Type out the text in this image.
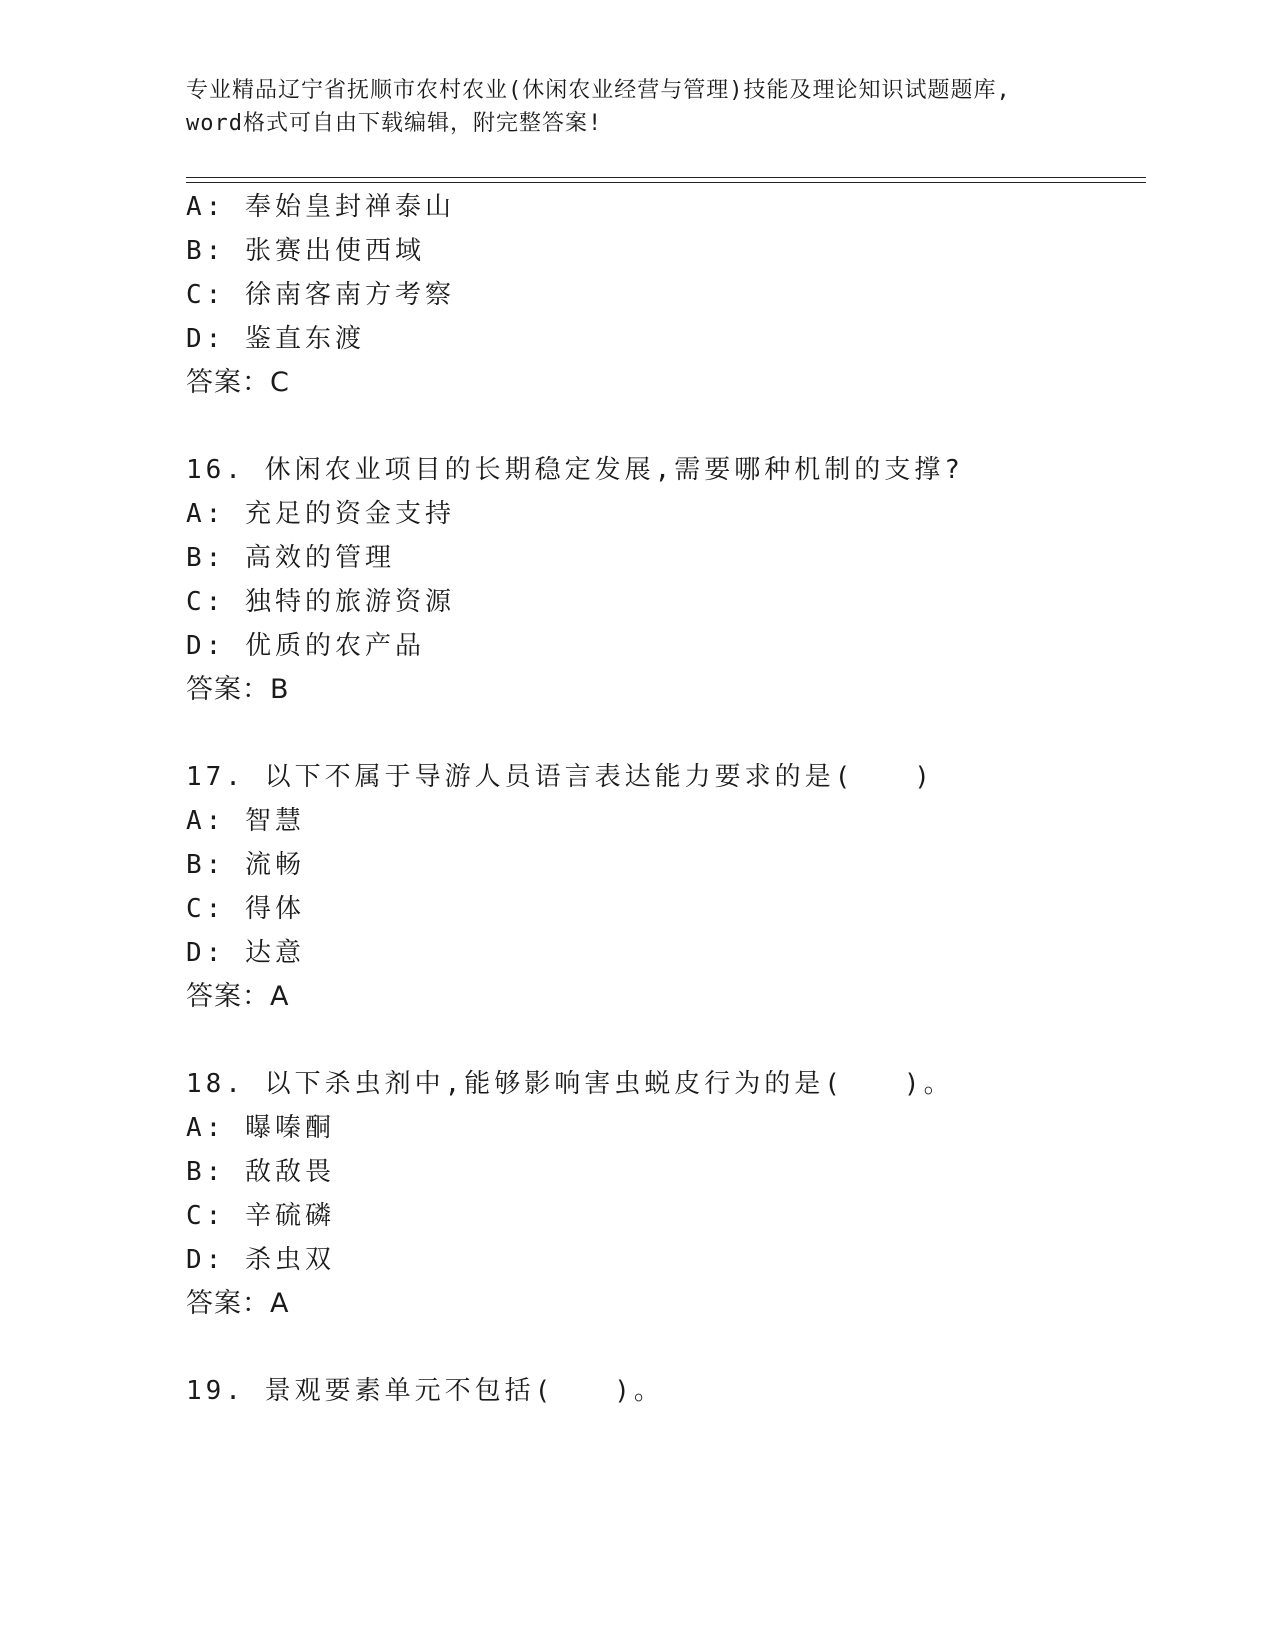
专业精品辽宁省抚顺市农村农业(休闲农业经营与管理)技能及理论知识试题题库,
word格式可自由下载编辑，附完整答案!
A: 奉始皇封禅泰山
B: 张赛出使西域
C: 徐南客南方考察
D: 鉴直东渡
答案：C
16. 休闲农业项目的长期稳定发展,需要哪种机制的支撑?
A: 充足的资金支持
B: 高效的管理
C: 独特的旅游资源
D: 优质的农产品
答案：B
17. 以下不属于导游人员语言表达能力要求的是(　　)
A: 智慧
B: 流畅
C: 得体
D: 达意
答案：A
18. 以下杀虫剂中,能够影响害虫蜕皮行为的是(　　)。
A: 曝嗪酮
B: 敌敌畏
C: 辛硫磷
D: 杀虫双
答案：A
19. 景观要素单元不包括(　　)。
